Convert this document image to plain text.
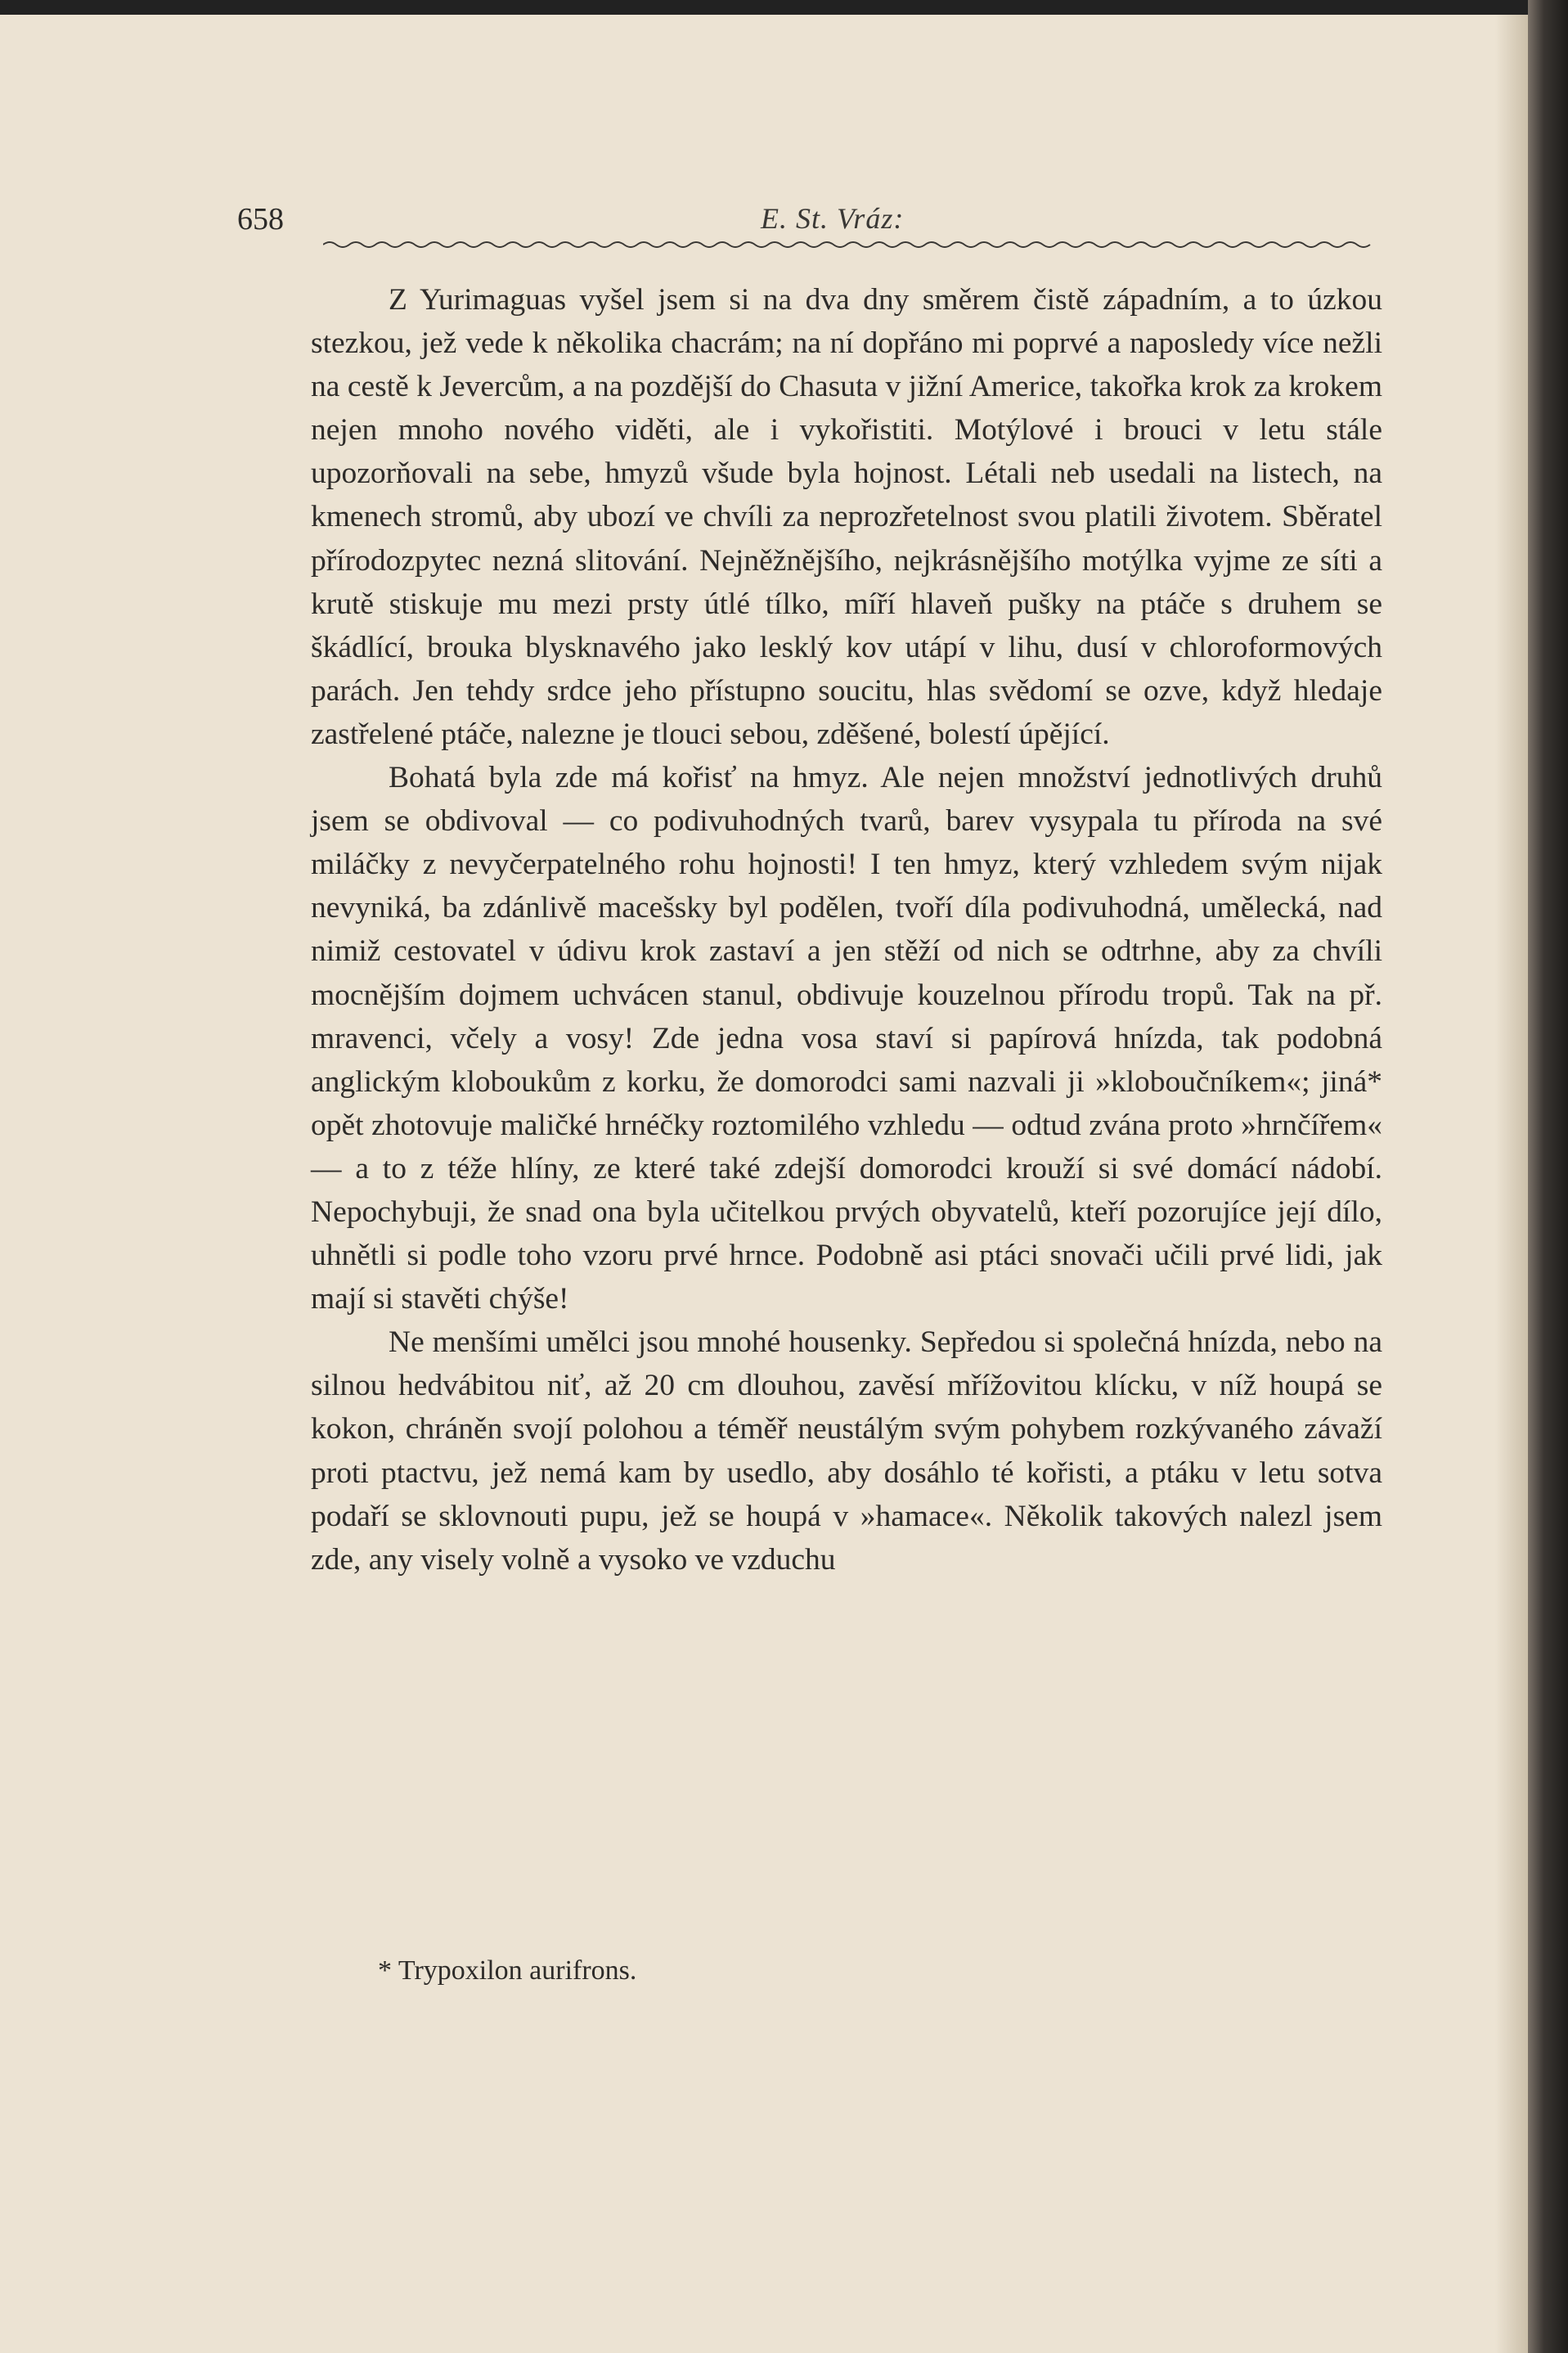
658	E. St. Vráz:

Z Yurimaguas vyšel jsem si na dva dny směrem čistě západním, a to úzkou stezkou, jež vede k několika chacrám; na ní dopřáno mi poprvé a naposledy více nežli na cestě k Jevercům, a na pozdější do Chasuta v jižní Americe, takořka krok za krokem nejen mnoho nového viděti, ale i vykořistiti. Motýlové i brouci v letu stále upozorňovali na sebe, hmyzů všude byla hojnost. Létali neb usedali na listech, na kmenech stromů, aby ubozí ve chvíli za neprozřetelnost svou platili životem. Sběratel přírodozpytec nezná slitování. Nejněžnějšího, nejkrásnějšího motýlka vyjme ze síti a krutě stiskuje mu mezi prsty útlé tílko, míří hlaveň pušky na ptáče s druhem se škádlící, brouka blysknavého jako lesklý kov utápí v lihu, dusí v chloroformových parách. Jen tehdy srdce jeho přístupno soucitu, hlas svědomí se ozve, když hledaje zastřelené ptáče, nalezne je tlouci sebou, zděšené, bolestí úpějící.

Bohatá byla zde má kořisť na hmyz. Ale nejen množství jednotlivých druhů jsem se obdivoval — co podivuhodných tvarů, barev vysypala tu příroda na své miláčky z nevyčerpatelného rohu hojnosti! I ten hmyz, který vzhledem svým nijak nevyniká, ba zdánlivě macešsky byl podělen, tvoří díla podivuhodná, umělecká, nad nimiž cestovatel v údivu krok zastaví a jen stěží od nich se odtrhne, aby za chvíli mocnějším dojmem uchvácen stanul, obdivuje kouzelnou přírodu tropů. Tak na př. mravenci, včely a vosy! Zde jedna vosa staví si papírová hnízda, tak podobná anglickým kloboukům z korku, že domorodci sami nazvali ji »kloboučníkem«; jiná* opět zhotovuje maličké hrnéčky roztomilého vzhledu — odtud zvána proto »hrnčířem« — a to z téže hlíny, ze které také zdejší domorodci krouží si své domácí nádobí. Nepochybuji, že snad ona byla učitelkou prvých obyvatelů, kteří pozorujíce její dílo, uhnětli si podle toho vzoru prvé hrnce. Podobně asi ptáci snovači učili prvé lidi, jak mají si stavěti chýše!

Ne menšími umělci jsou mnohé housenky. Sepředou si společná hnízda, nebo na silnou hedvábitou niť, až 20 cm dlouhou, zavěsí mřížovitou klícku, v níž houpá se kokon, chráněn svojí polohou a téměř neustálým svým pohybem rozkývaného závaží proti ptactvu, jež nemá kam by usedlo, aby dosáhlo té kořisti, a ptáku v letu sotva podaří se sklovnouti pupu, jež se houpá v »hamace«. Několik takových nalezl jsem zde, any visely volně a vysoko ve vzduchu

* Trypoxilon aurifrons.
